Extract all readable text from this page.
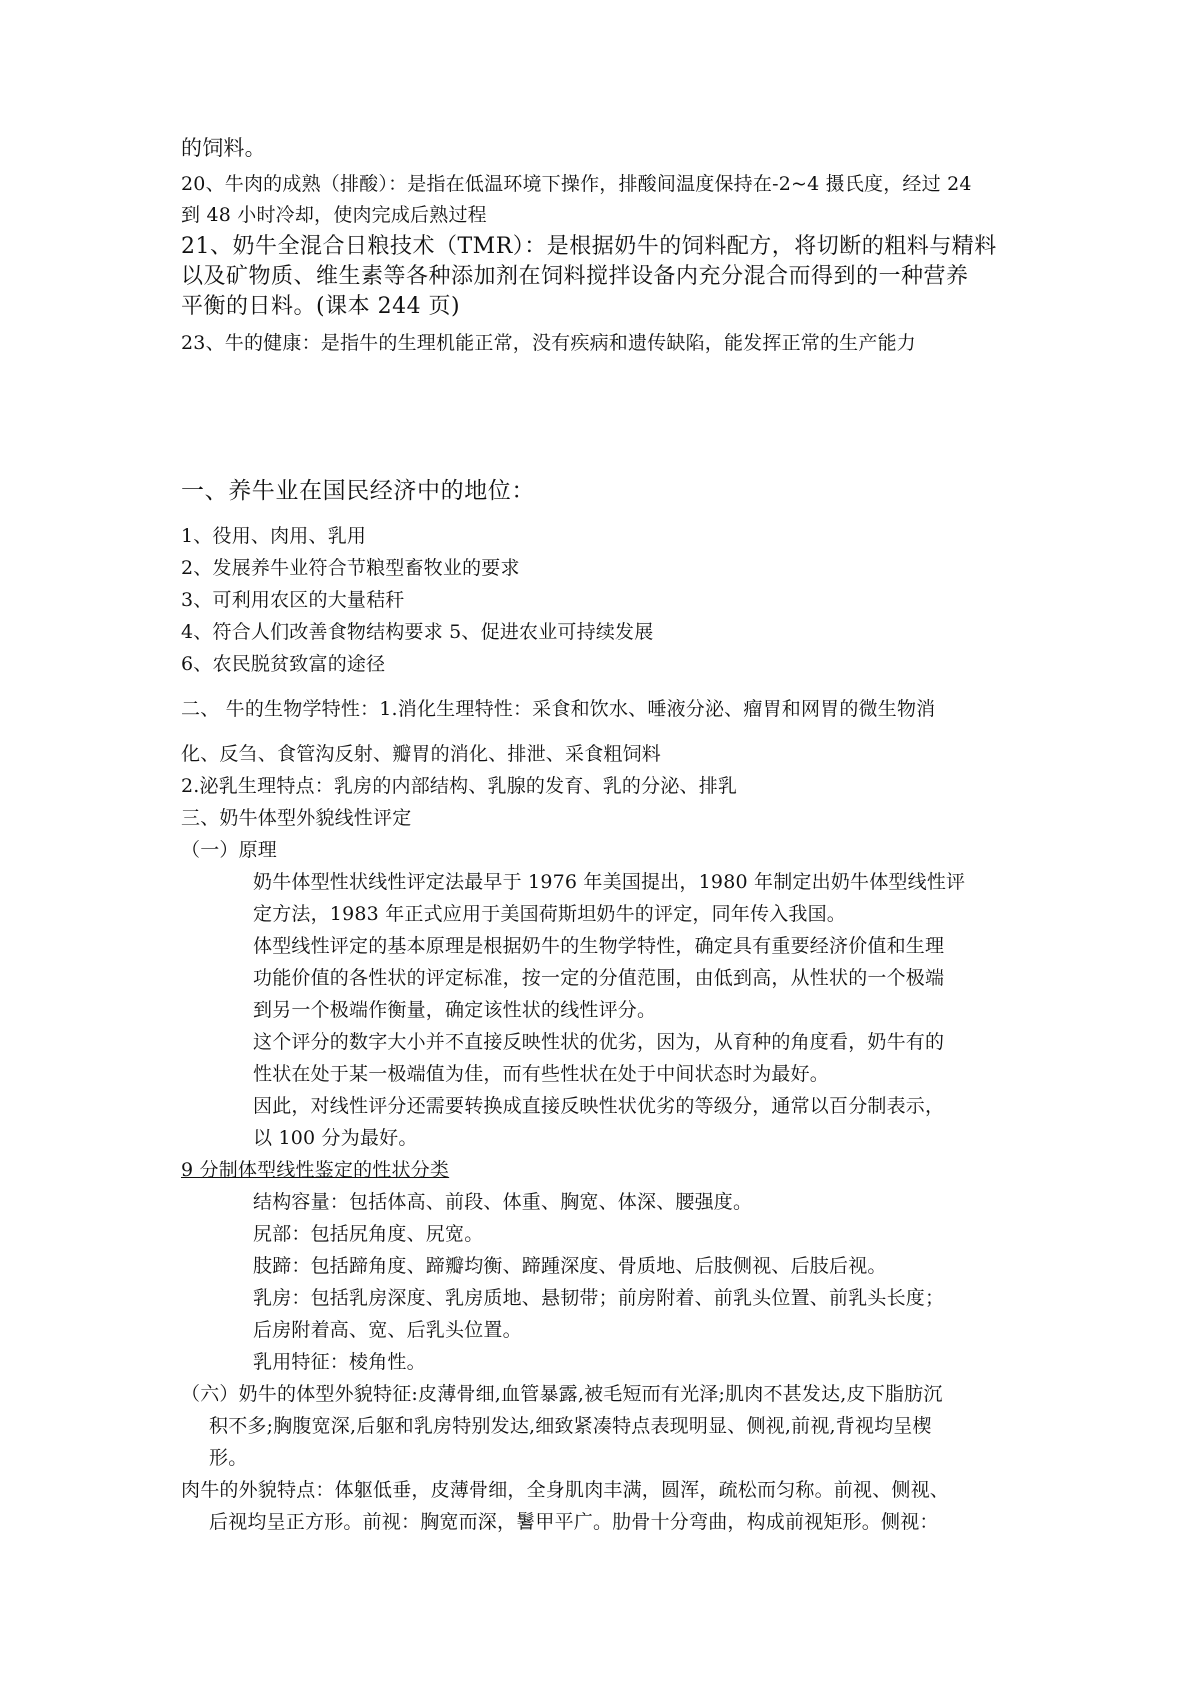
的饲料。
20、牛肉的成熟（排酸）：是指在低温环境下操作，排酸间温度保持在-2~4 摄氏度，经过 24
到 48 小时冷却，使肉完成后熟过程
21、奶牛全混合日粮技术（TMR）：是根据奶牛的饲料配方，将切断的粗料与精料
以及矿物质、维生素等各种添加剂在饲料搅拌设备内充分混合而得到的一种营养
平衡的日料。(课本 244 页)
23、牛的健康：是指牛的生理机能正常，没有疾病和遗传缺陷，能发挥正常的生产能力
一、养牛业在国民经济中的地位：
1、役用、肉用、乳用
2、发展养牛业符合节粮型畜牧业的要求
3、可利用农区的大量秸秆
4、符合人们改善食物结构要求 5、促进农业可持续发展
6、农民脱贫致富的途径
二、 牛的生物学特性：1.消化生理特性：采食和饮水、唾液分泌、瘤胃和网胃的微生物消
化、反刍、食管沟反射、瓣胃的消化、排泄、采食粗饲料
2.泌乳生理特点：乳房的内部结构、乳腺的发育、乳的分泌、排乳
三、奶牛体型外貌线性评定
（一）原理
奶牛体型性状线性评定法最早于 1976 年美国提出，1980 年制定出奶牛体型线性评
定方法，1983 年正式应用于美国荷斯坦奶牛的评定，同年传入我国。
体型线性评定的基本原理是根据奶牛的生物学特性，确定具有重要经济价值和生理
功能价值的各性状的评定标准，按一定的分值范围，由低到高，从性状的一个极端
到另一个极端作衡量，确定该性状的线性评分。
这个评分的数字大小并不直接反映性状的优劣，因为，从育种的角度看，奶牛有的
性状在处于某一极端值为佳，而有些性状在处于中间状态时为最好。
因此，对线性评分还需要转换成直接反映性状优劣的等级分，通常以百分制表示，
以 100 分为最好。
9 分制体型线性鉴定的性状分类
结构容量：包括体高、前段、体重、胸宽、体深、腰强度。
尻部：包括尻角度、尻宽。
肢蹄：包括蹄角度、蹄瓣均衡、蹄踵深度、骨质地、后肢侧视、后肢后视。
乳房：包括乳房深度、乳房质地、悬韧带；前房附着、前乳头位置、前乳头长度；
后房附着高、宽、后乳头位置。
乳用特征：棱角性。
（六）奶牛的体型外貌特征:皮薄骨细,血管暴露,被毛短而有光泽;肌肉不甚发达,皮下脂肪沉
积不多;胸腹宽深,后躯和乳房特别发达,细致紧凑特点表现明显、侧视,前视,背视均呈楔
形。
肉牛的外貌特点：体躯低垂，皮薄骨细，全身肌肉丰满，圆浑，疏松而匀称。前视、侧视、
后视均呈正方形。前视：胸宽而深，鬐甲平广。肋骨十分弯曲，构成前视矩形。侧视：
